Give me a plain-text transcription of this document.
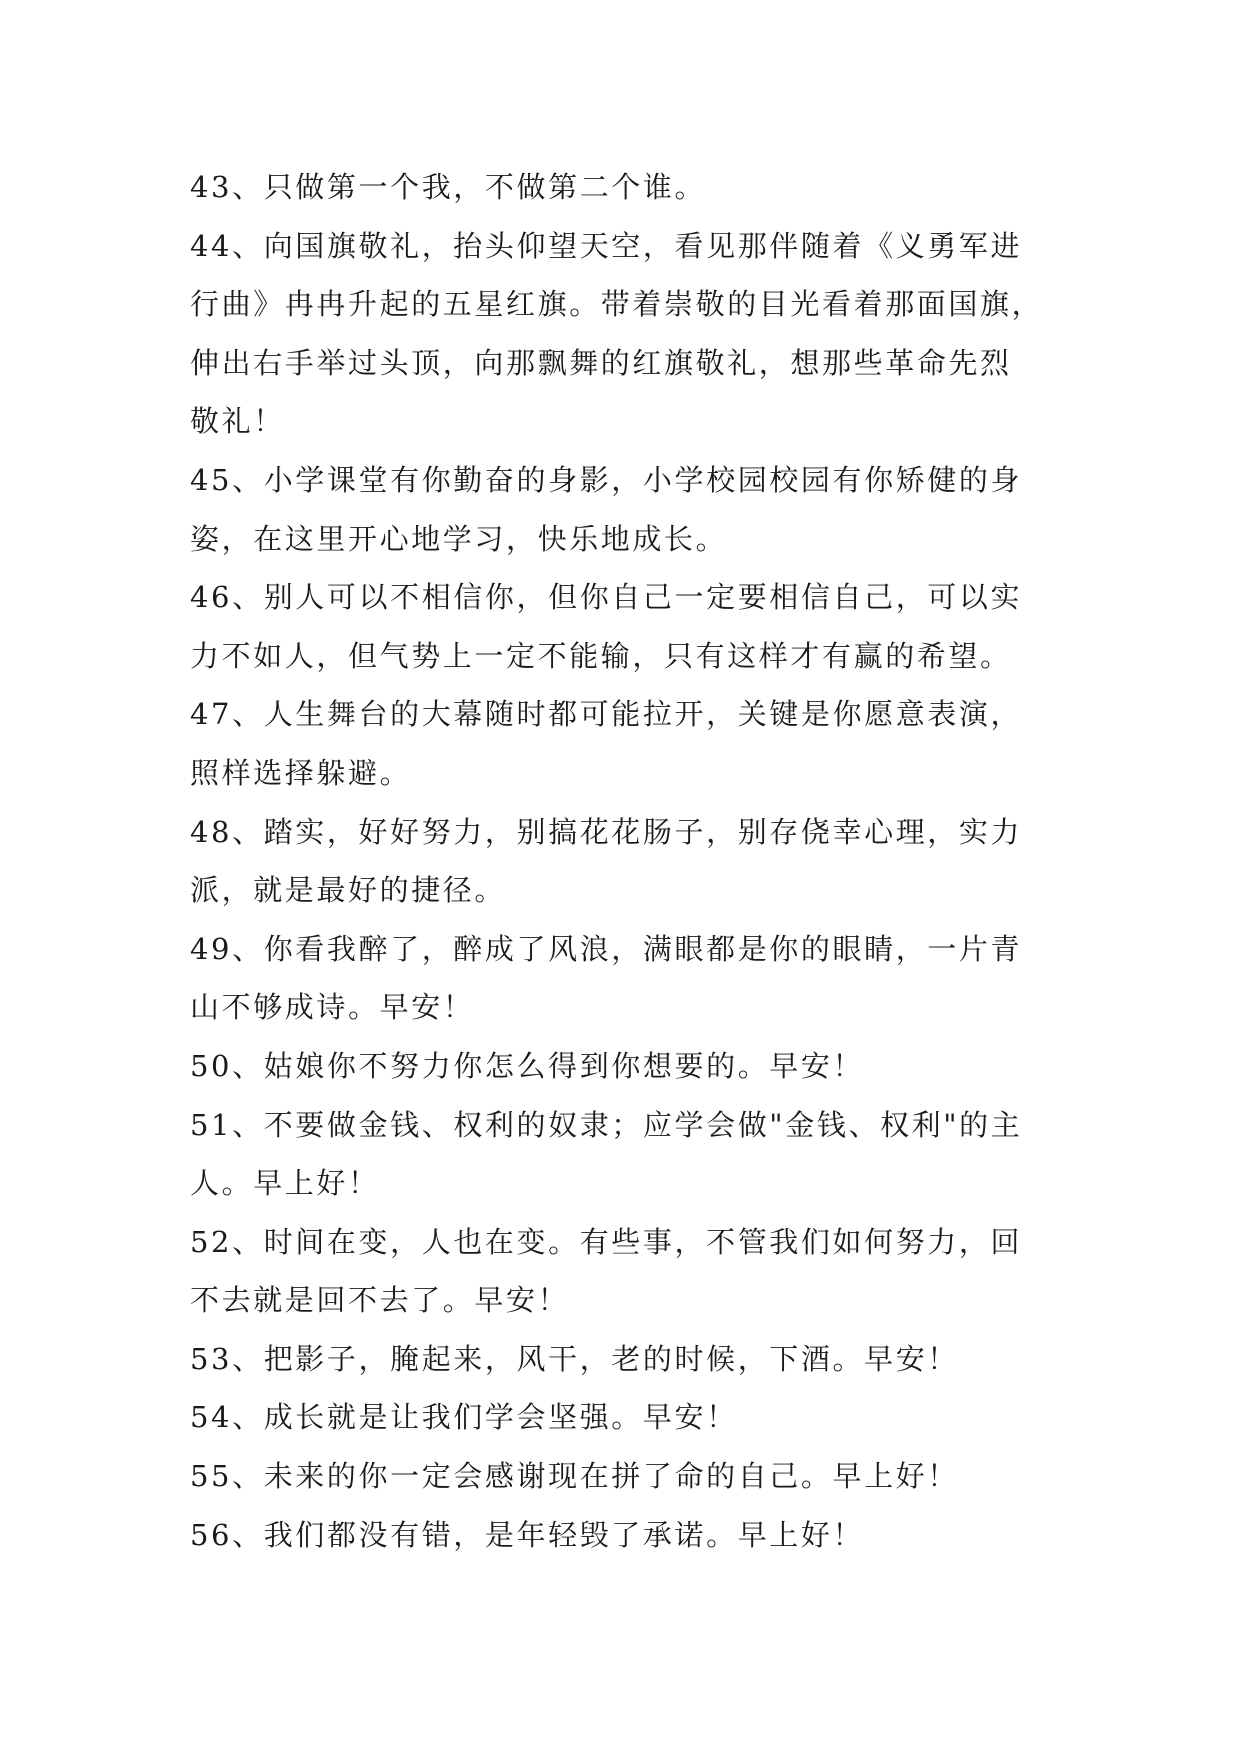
43、只做第一个我，不做第二个谁。
44、向国旗敬礼，抬头仰望天空，看见那伴随着《义勇军进
行曲》冉冉升起的五星红旗。带着崇敬的目光看着那面国旗，
伸出右手举过头顶，向那飘舞的红旗敬礼，想那些革命先烈
敬礼！
45、小学课堂有你勤奋的身影，小学校园校园有你矫健的身
姿，在这里开心地学习，快乐地成长。
46、别人可以不相信你，但你自己一定要相信自己，可以实
力不如人，但气势上一定不能输，只有这样才有赢的希望。
47、人生舞台的大幕随时都可能拉开，关键是你愿意表演，
照样选择躲避。
48、踏实，好好努力，别搞花花肠子，别存侥幸心理，实力
派，就是最好的捷径。
49、你看我醉了，醉成了风浪，满眼都是你的眼睛，一片青
山不够成诗。早安！
50、姑娘你不努力你怎么得到你想要的。早安！
51、不要做金钱、权利的奴隶；应学会做"金钱、权利"的主
人。早上好！
52、时间在变，人也在变。有些事，不管我们如何努力，回
不去就是回不去了。早安！
53、把影子，腌起来，风干，老的时候，下酒。早安！
54、成长就是让我们学会坚强。早安！
55、未来的你一定会感谢现在拼了命的自己。早上好！
56、我们都没有错，是年轻毁了承诺。早上好！
